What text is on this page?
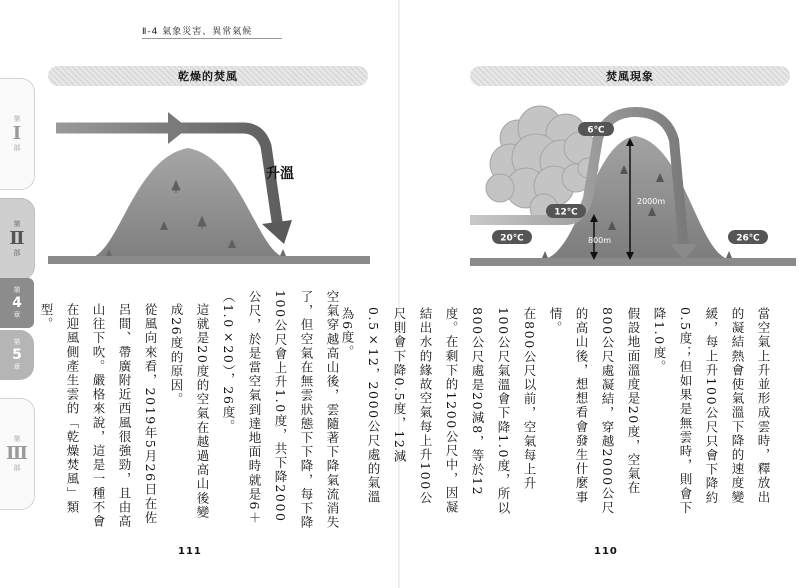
第
Ⅰ
部
第
Ⅱ
部
第
4
章
第
5
章
第
Ⅲ
部
Ⅱ-4 氣象災害、異常氣候
乾燥的焚風
升溫

空氣穿越高山後，雲隨著下降氣流消失了，但空氣在無雲狀態下下降，每下降100公尺會上升1.0度，共下降2000公尺，於是當空氣到達地面時就是6＋（1.0×20），26度。

這就是20度的空氣在越過高山後變成26度的原因。

從風向來看，2019年5月26日在佐呂間、帶廣附近西風很強勁，且由高山往下吹。嚴格來說，這是一種不會在迎風側產生雲的「乾燥焚風」類型。

111
焚風現象
2000m
800m
6℃
12℃
20℃	26℃

當空氣上升並形成雲時，釋放出的凝結熱會使氣溫下降的速度變緩，每上升100公尺只會下降約0.5度；但如果是無雲時，則會下降1.0度。

假設地面溫度是20度，空氣在800公尺處凝結，穿越2000公尺的高山後，想想看會發生什麼事情。

在800公尺以前，空氣每上升100公尺氣溫會下降1.0度，所以800公尺處是20減8，等於12度。在剩下的1200公尺中，因凝結出水的緣故空氣每上升100公尺則會下降0.5度，12減0.5×12，2000公尺處的氣溫為6度。

110
